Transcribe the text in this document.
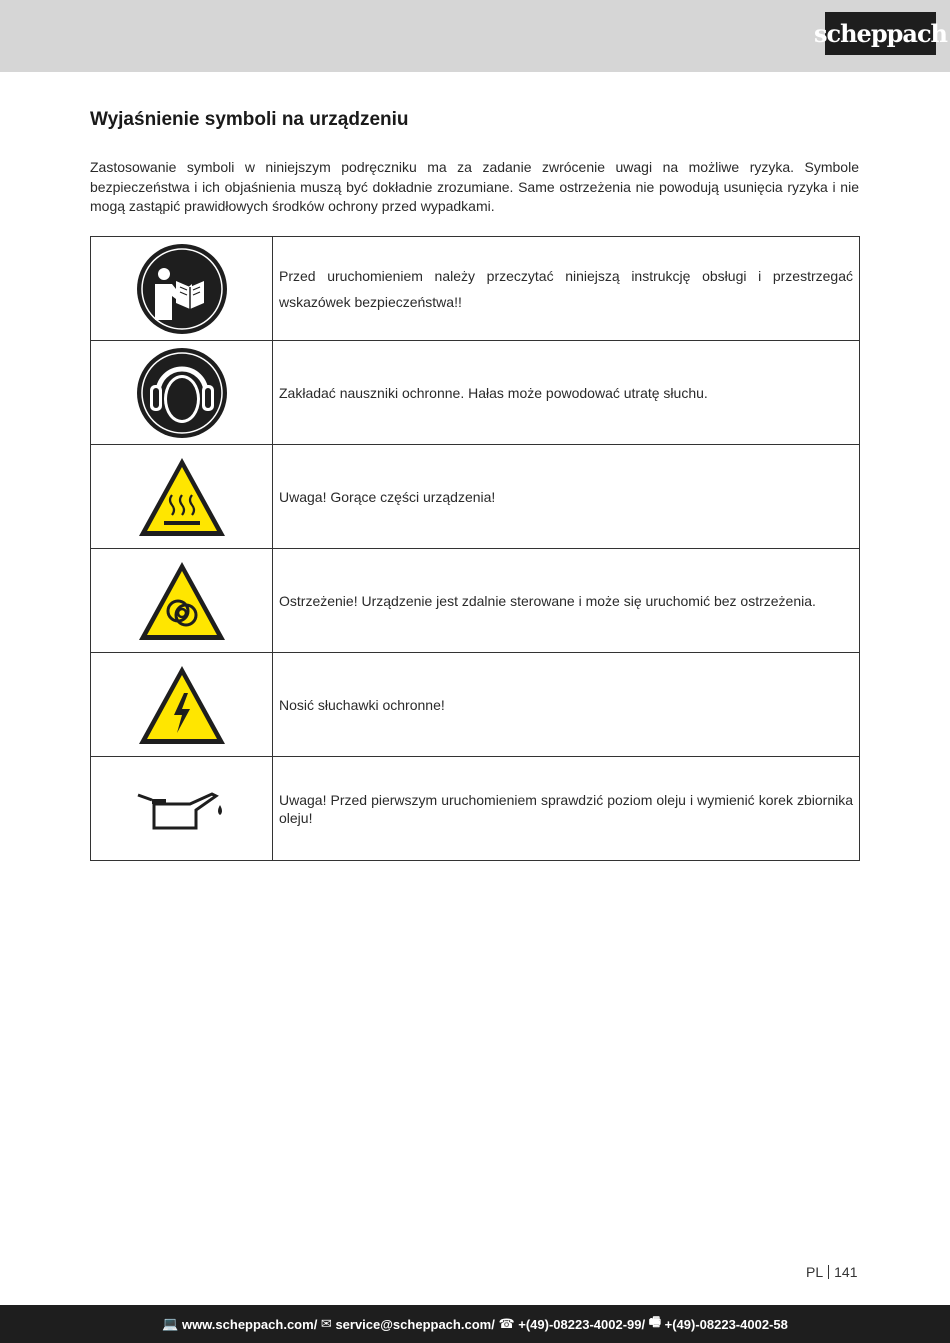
scheppach
Wyjaśnienie symboli na urządzeniu

Zastosowanie symboli w niniejszym podręczniku ma za zadanie zwrócenie uwagi na możliwe ryzyka. Symbole bezpieczeństwa i ich objaśnienia muszą być dokładnie zrozumiane. Same ostrzeżenia nie powodują usunięcia ryzyka i nie mogą zastąpić prawidłowych środków ochrony przed wypadkami.

	Przed uruchomieniem należy przeczytać niniejszą instrukcję obsługi i przestrzegać wskazówek bezpieczeństwa!!

	Zakładać nauszniki ochronne. Hałas może powodować utratę słuchu.

	Uwaga! Gorące części urządzenia!

	Ostrzeżenie! Urządzenie jest zdalnie sterowane i może się uruchomić bez ostrzeżenia.

	Nosić słuchawki ochronne!

	Uwaga! Przed pierwszym uruchomieniem sprawdzić poziom oleju i wymienić korek zbiornika oleju!
PL 141
💻 www.scheppach.com / ✉ service@scheppach.com / ☎ +(49)-08223-4002-99 / 🖷 +(49)-08223-4002-58
